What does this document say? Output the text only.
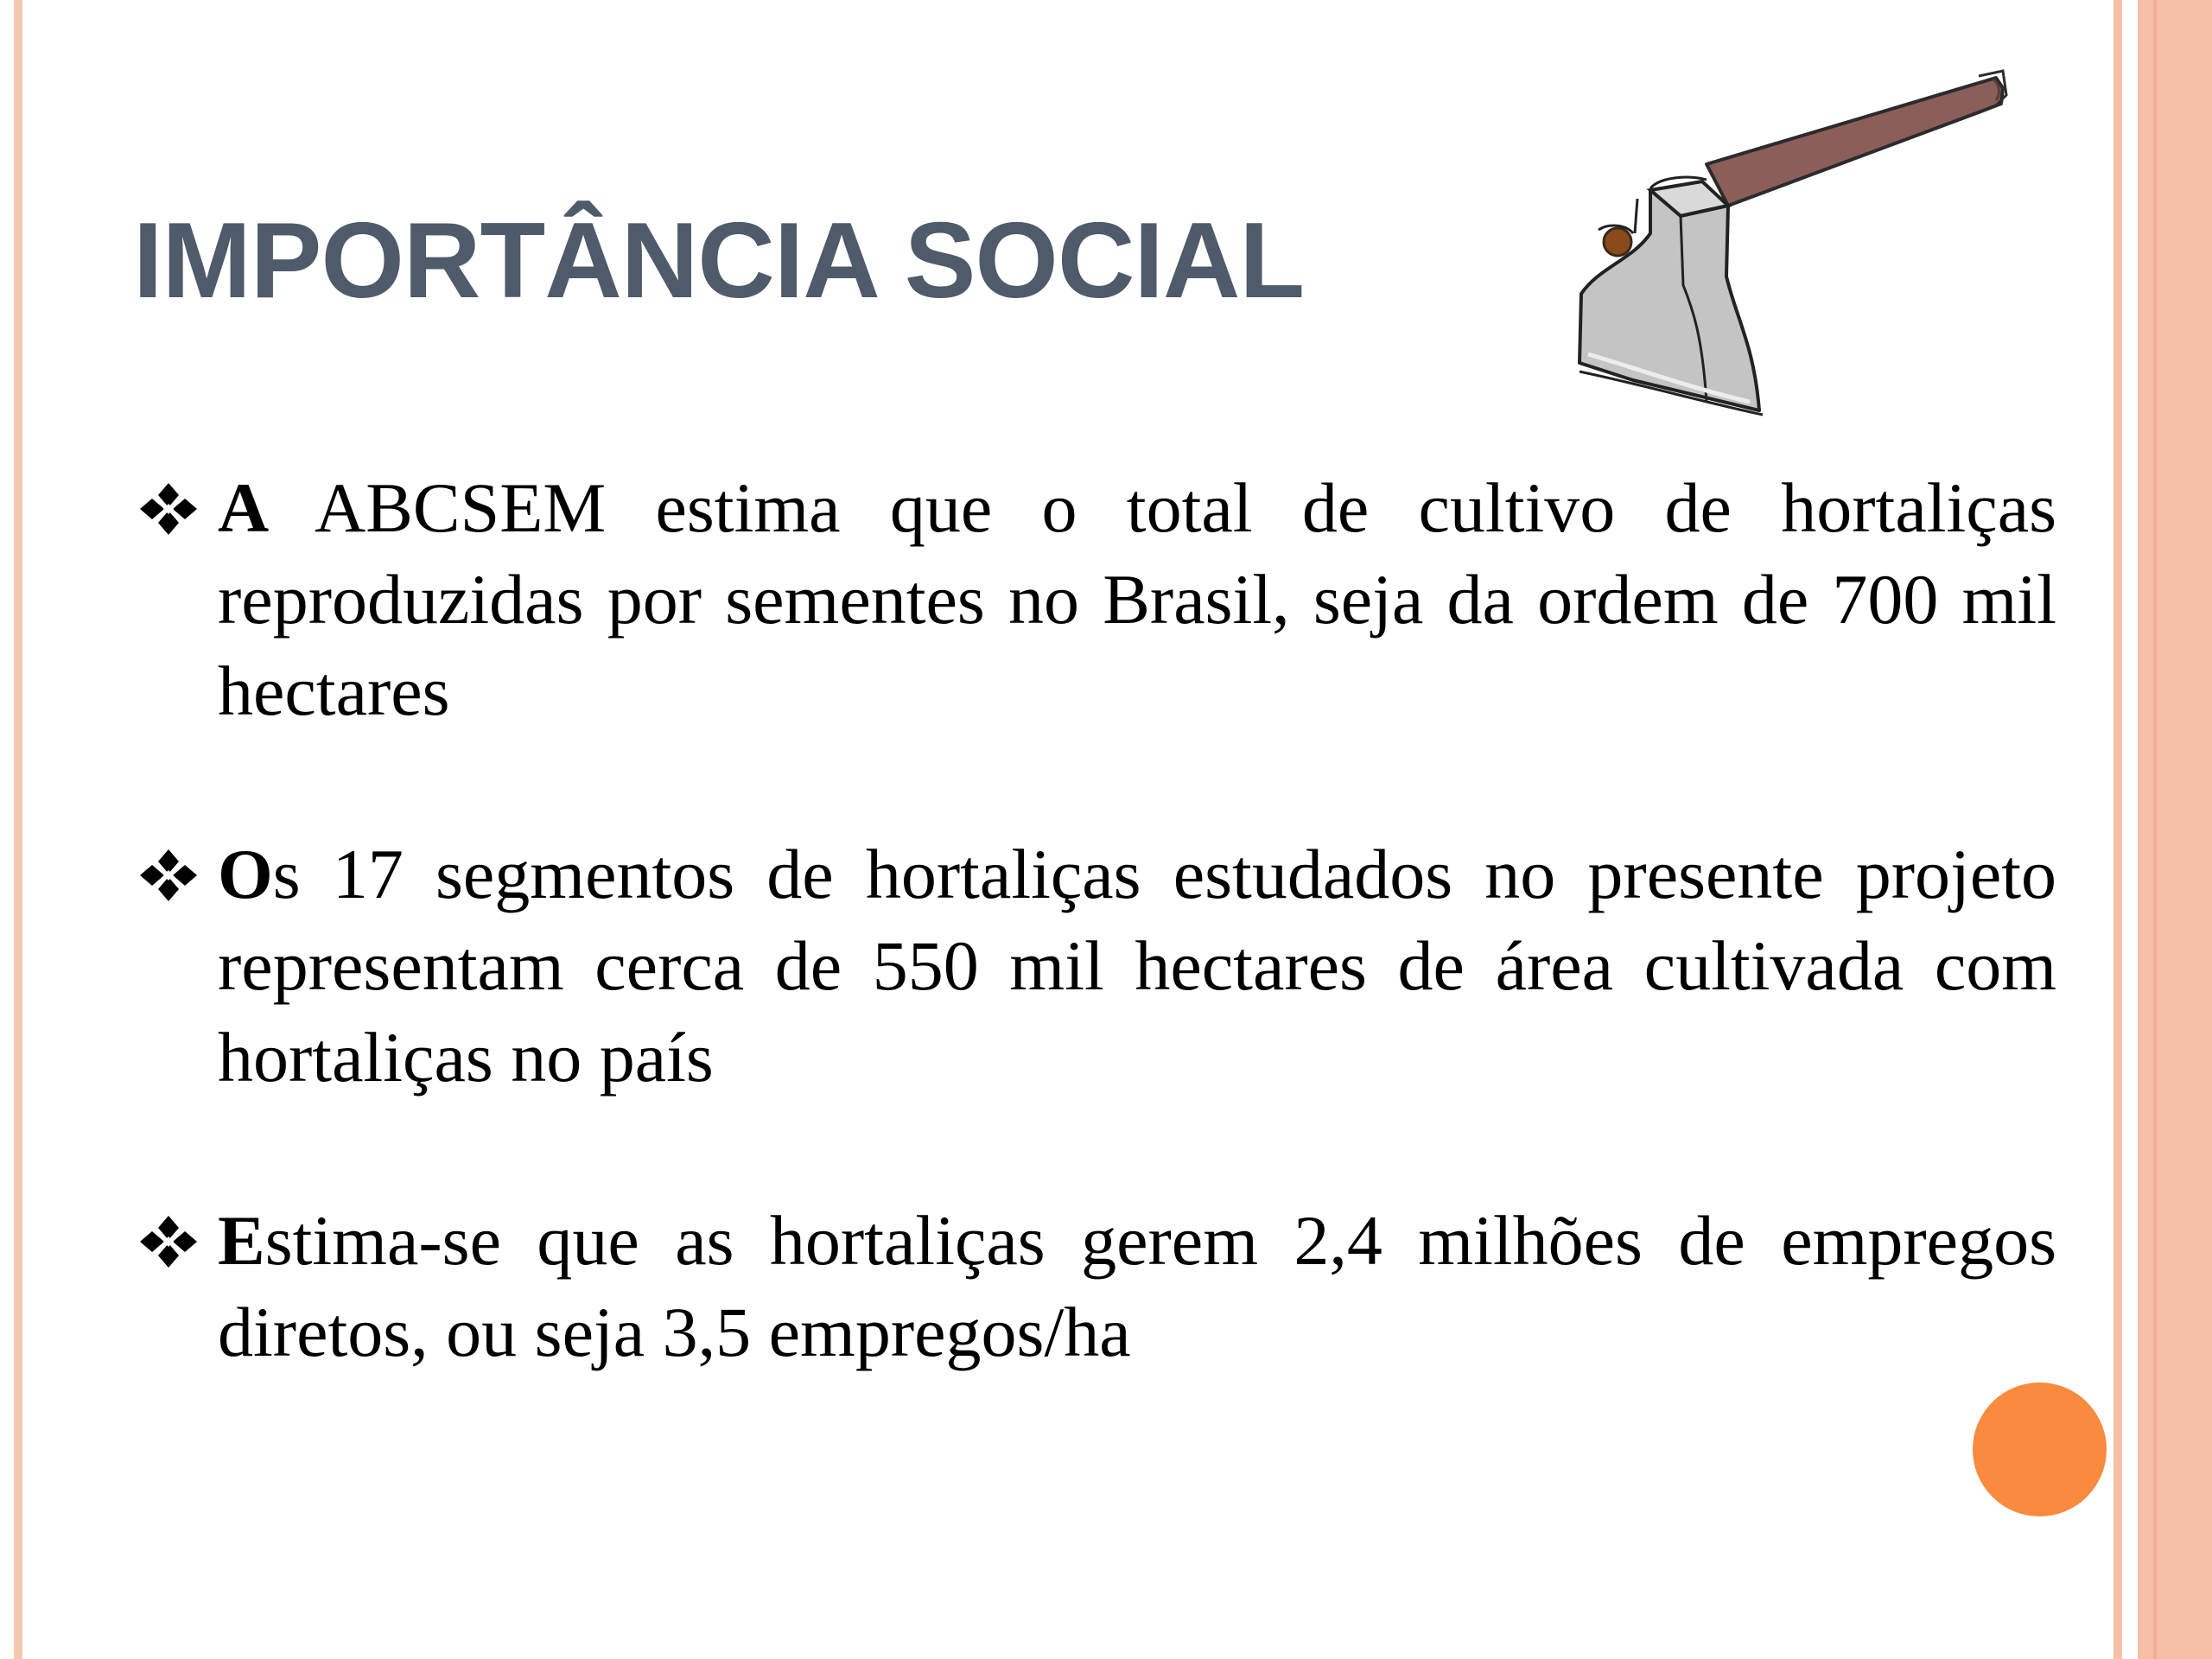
IMPORTÂNCIA SOCIAL
A ABCSEM estima que o total de cultivo de hortaliças reproduzidas por sementes no Brasil, seja da ordem de 700 mil hectares
Os 17 segmentos de hortaliças estudados no presente projeto representam cerca de 550 mil hectares de área cultivada com hortaliças no país
Estima-se que as hortaliças gerem 2,4 milhões de empregos diretos, ou seja 3,5 empregos/ha
